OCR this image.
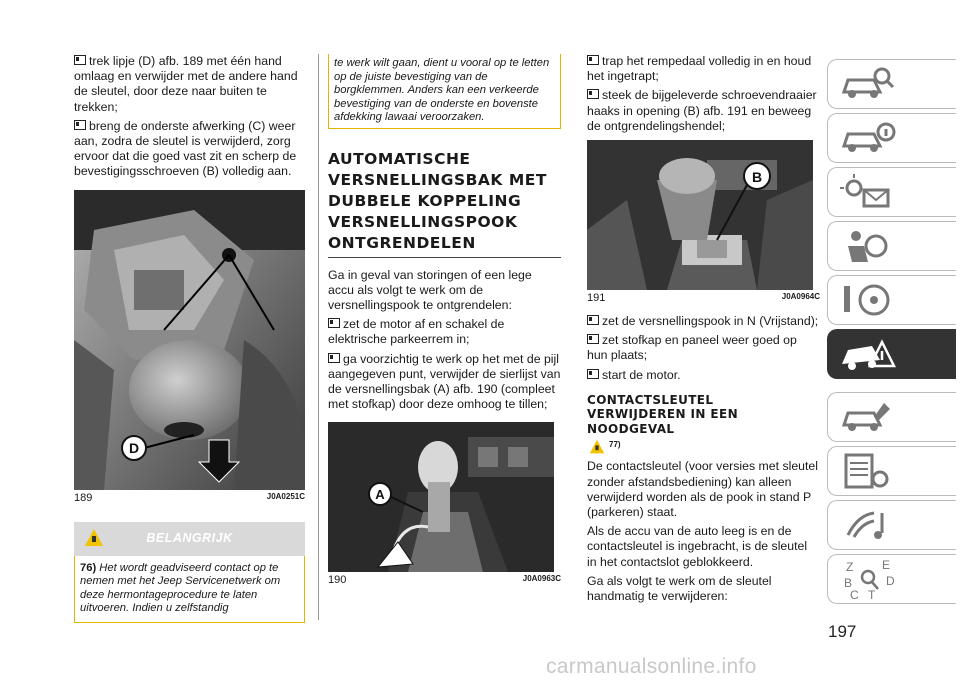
trek lipje (D) afb. 189 met één hand omlaag en verwijder met de andere hand de sleutel, door deze naar buiten te trekken;

breng de onderste afwerking (C) weer aan, zodra de sleutel is verwijderd, zorg ervoor dat die goed vast zit en scherp de bevestigingsschroeven (B) volledig aan.

D
189	J0A0251C
BELANGRIJK
76) Het wordt geadviseerd contact op te nemen met het Jeep Servicenetwerk om deze hermontageprocedure te laten uitvoeren. Indien u zelfstandig
te werk wilt gaan, dient u vooral op te letten op de juiste bevestiging van de borgklemmen. Anders kan een verkeerde bevestiging van de onderste en bovenste afdekking lawaai veroorzaken.
AUTOMATISCHE VERSNELLINGSBAK MET DUBBELE KOPPELING VERSNELLINGSPOOK ONTGRENDELEN

Ga in geval van storingen of een lege accu als volgt te werk om de versnellingspook te ontgrendelen:

zet de motor af en schakel de elektrische parkeerrem in;

ga voorzichtig te werk op het met de pijl aangegeven punt, verwijder de sierlijst van de versnellingsbak (A) afb. 190 (compleet met stofkap) door deze omhoog te tillen;

A
190	J0A0963C

trap het rempedaal volledig in en houd het ingetrapt;

steek de bijgeleverde schroevendraaier haaks in opening (B) afb. 191 en beweeg de ontgrendelingshendel;

B
191	J0A0964C

zet de versnellingspook in N (Vrijstand);

zet stofkap en paneel weer goed op hun plaats;

start de motor.

CONTACTSLEUTEL VERWIJDEREN IN EEN NOODGEVAL
77)

De contactsleutel (voor versies met sleutel zonder afstandsbediening) kan alleen verwijderd worden als de pook in stand P (parkeren) staat.

Als de accu van de auto leeg is en de contactsleutel is ingebracht, is de sleutel in het contactslot geblokkeerd.

Ga als volgt te werk om de sleutel handmatig te verwijderen:

Z E
B	D
C T
197
carmanualsonline.info
